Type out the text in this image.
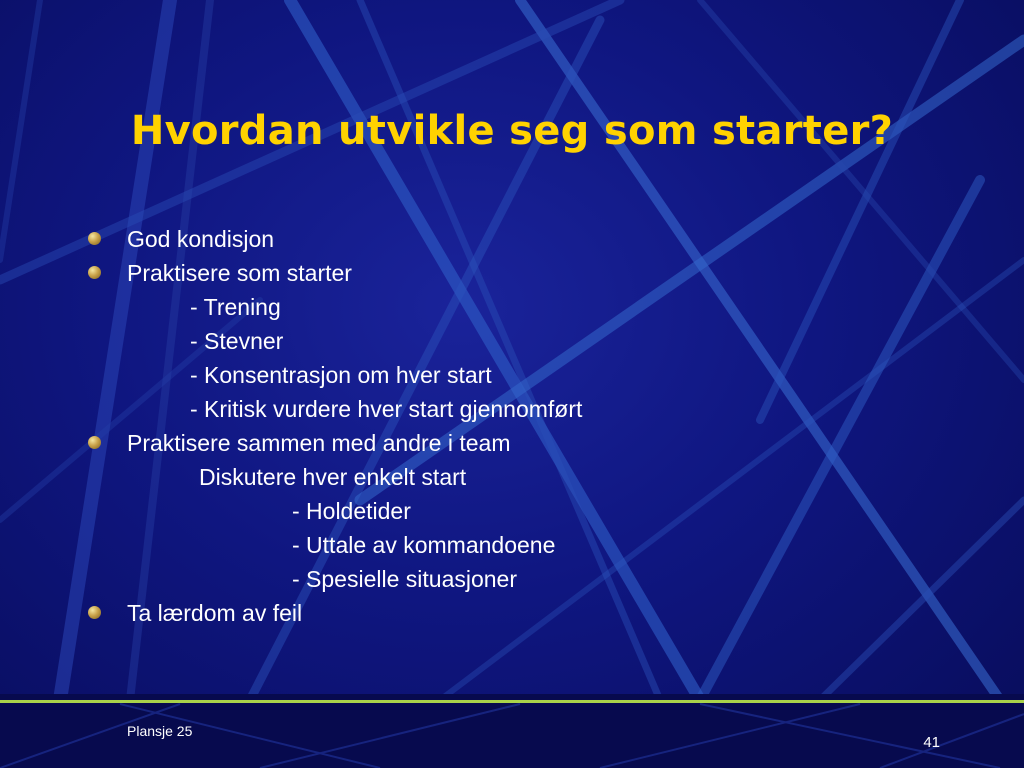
Hvordan utvikle seg som starter?
God kondisjon
Praktisere som starter
- Trening
- Stevner
- Konsentrasjon om hver start
- Kritisk vurdere hver start gjennomført
Praktisere sammen med andre i team
Diskutere hver enkelt start
- Holdetider
- Uttale av kommandoene
- Spesielle situasjoner
Ta lærdom av feil
Plansje 25
41
